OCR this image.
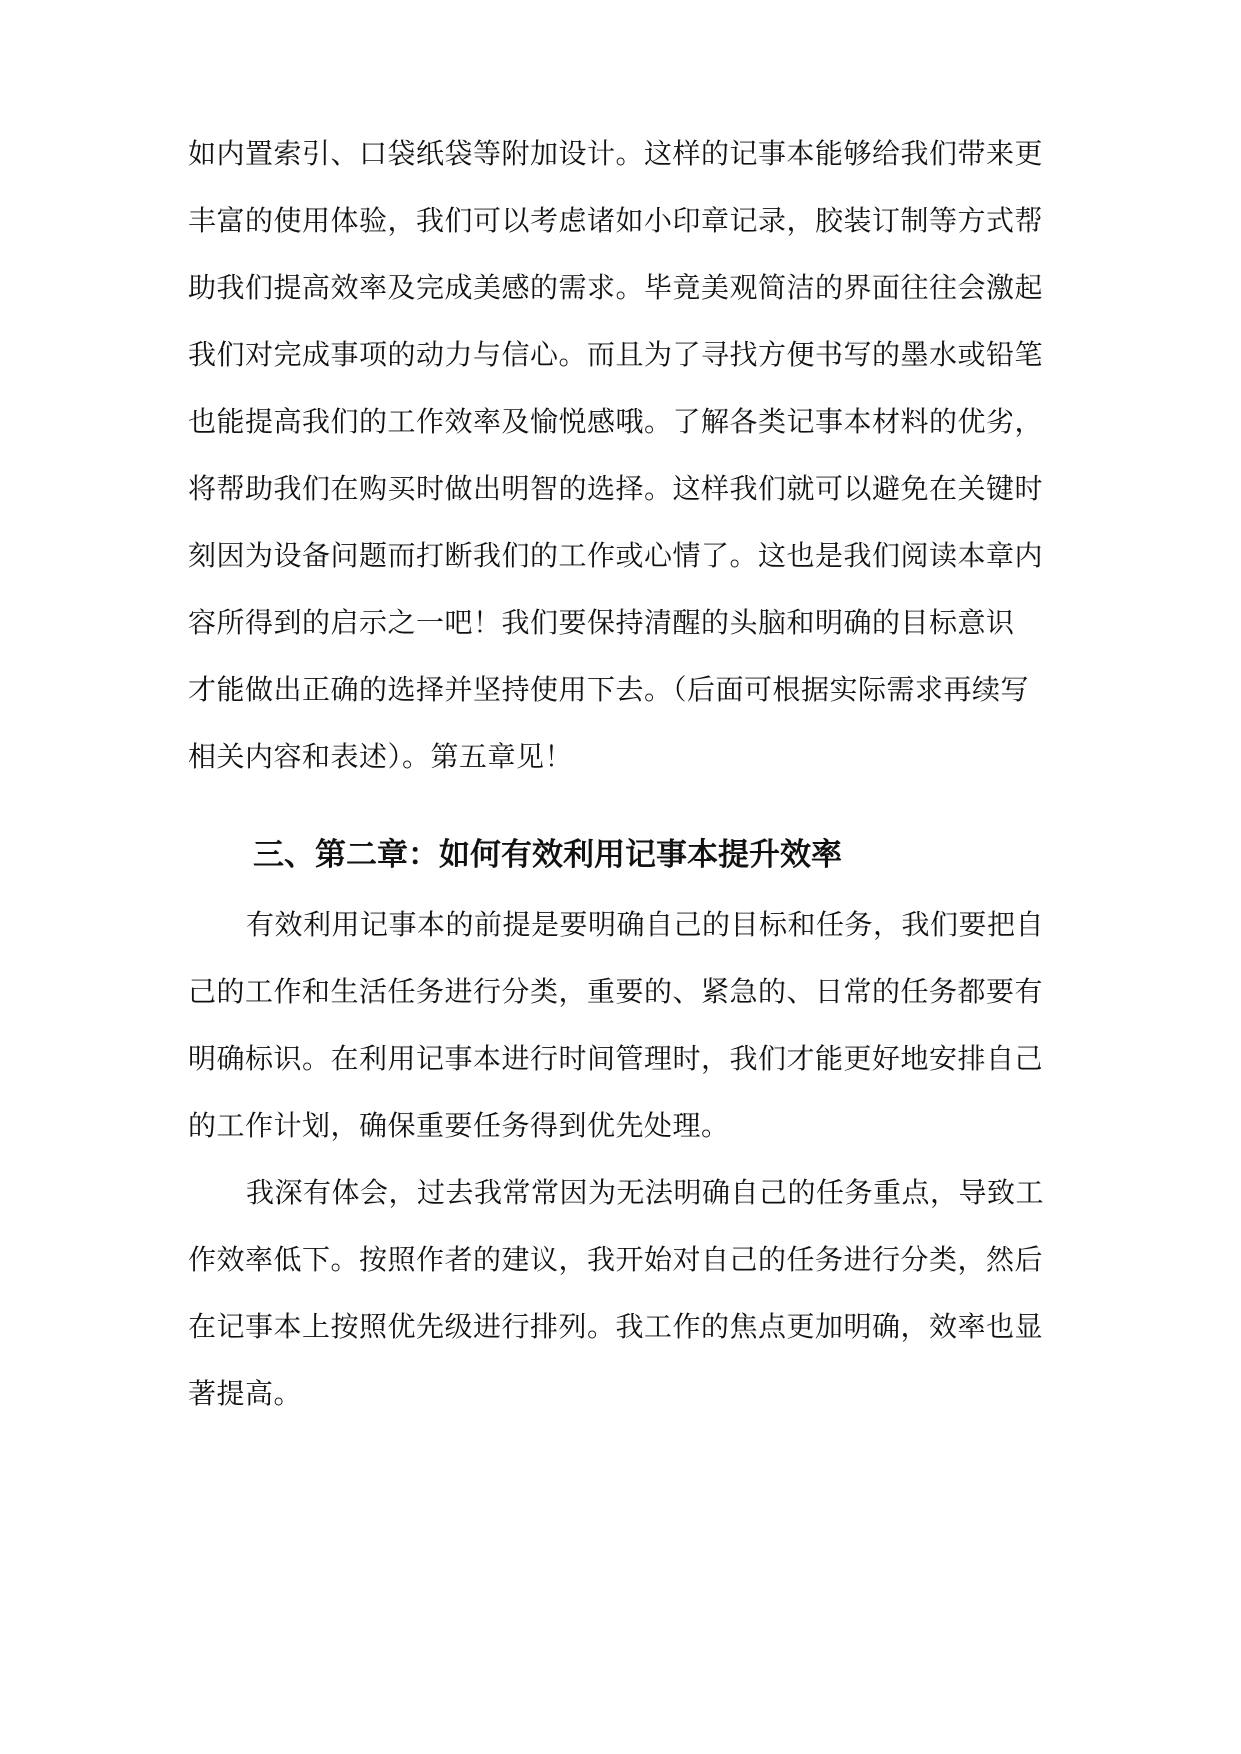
如内置索引、口袋纸袋等附加设计。这样的记事本能够给我们带来更
丰富的使用体验，我们可以考虑诸如小印章记录，胶装订制等方式帮
助我们提高效率及完成美感的需求。毕竟美观简洁的界面往往会激起
我们对完成事项的动力与信心。而且为了寻找方便书写的墨水或铅笔
也能提高我们的工作效率及愉悦感哦。了解各类记事本材料的优劣，
将帮助我们在购买时做出明智的选择。这样我们就可以避免在关键时
刻因为设备问题而打断我们的工作或心情了。这也是我们阅读本章内
容所得到的启示之一吧！我们要保持清醒的头脑和明确的目标意识
才能做出正确的选择并坚持使用下去。（后面可根据实际需求再续写
相关内容和表述）。第五章见！
三、第二章：如何有效利用记事本提升效率
有效利用记事本的前提是要明确自己的目标和任务，我们要把自
己的工作和生活任务进行分类，重要的、紧急的、日常的任务都要有
明确标识。在利用记事本进行时间管理时，我们才能更好地安排自己
的工作计划，确保重要任务得到优先处理。
我深有体会，过去我常常因为无法明确自己的任务重点，导致工
作效率低下。按照作者的建议，我开始对自己的任务进行分类，然后
在记事本上按照优先级进行排列。我工作的焦点更加明确，效率也显
著提高。
